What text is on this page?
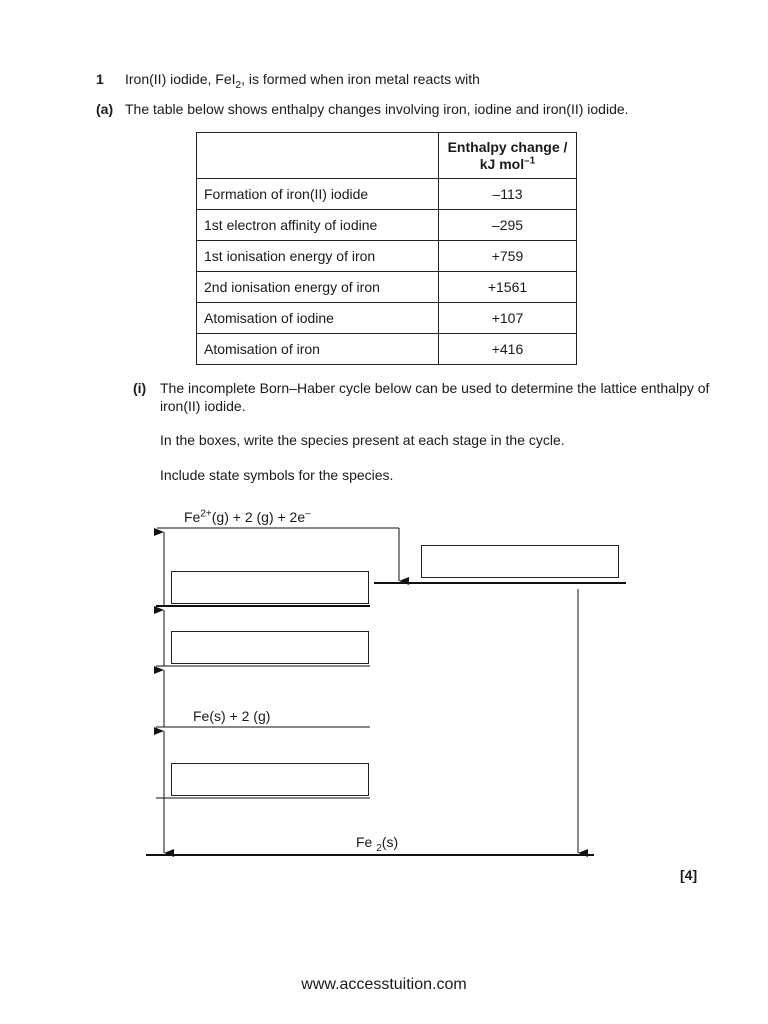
1 Iron(II) iodide, FeI$_2$, is formed when iron metal reacts with
(a) The table below shows enthalpy changes involving iron, iodine and iron(II) iodide.
	Enthalpy change /
kJ mol$^{-1}$
Formation of iron(II) iodide	–113
1st electron affinity of iodine	–295
1st ionisation energy of iron	+759
2nd ionisation energy of iron	+1561
Atomisation of iodine	+107
Atomisation of iron	+416
(i) The incomplete Born–Haber cycle below can be used to determine the lattice enthalpy of
iron(II) iodide.
In the boxes, write the species present at each stage in the cycle.
Include state symbols for the species.
$Fe^{2+}(g) + 2$ (g) + 2e–
Fe(s) + 2 (g)
Fe $_2$(s)
[4]
www.accesstuition.com
